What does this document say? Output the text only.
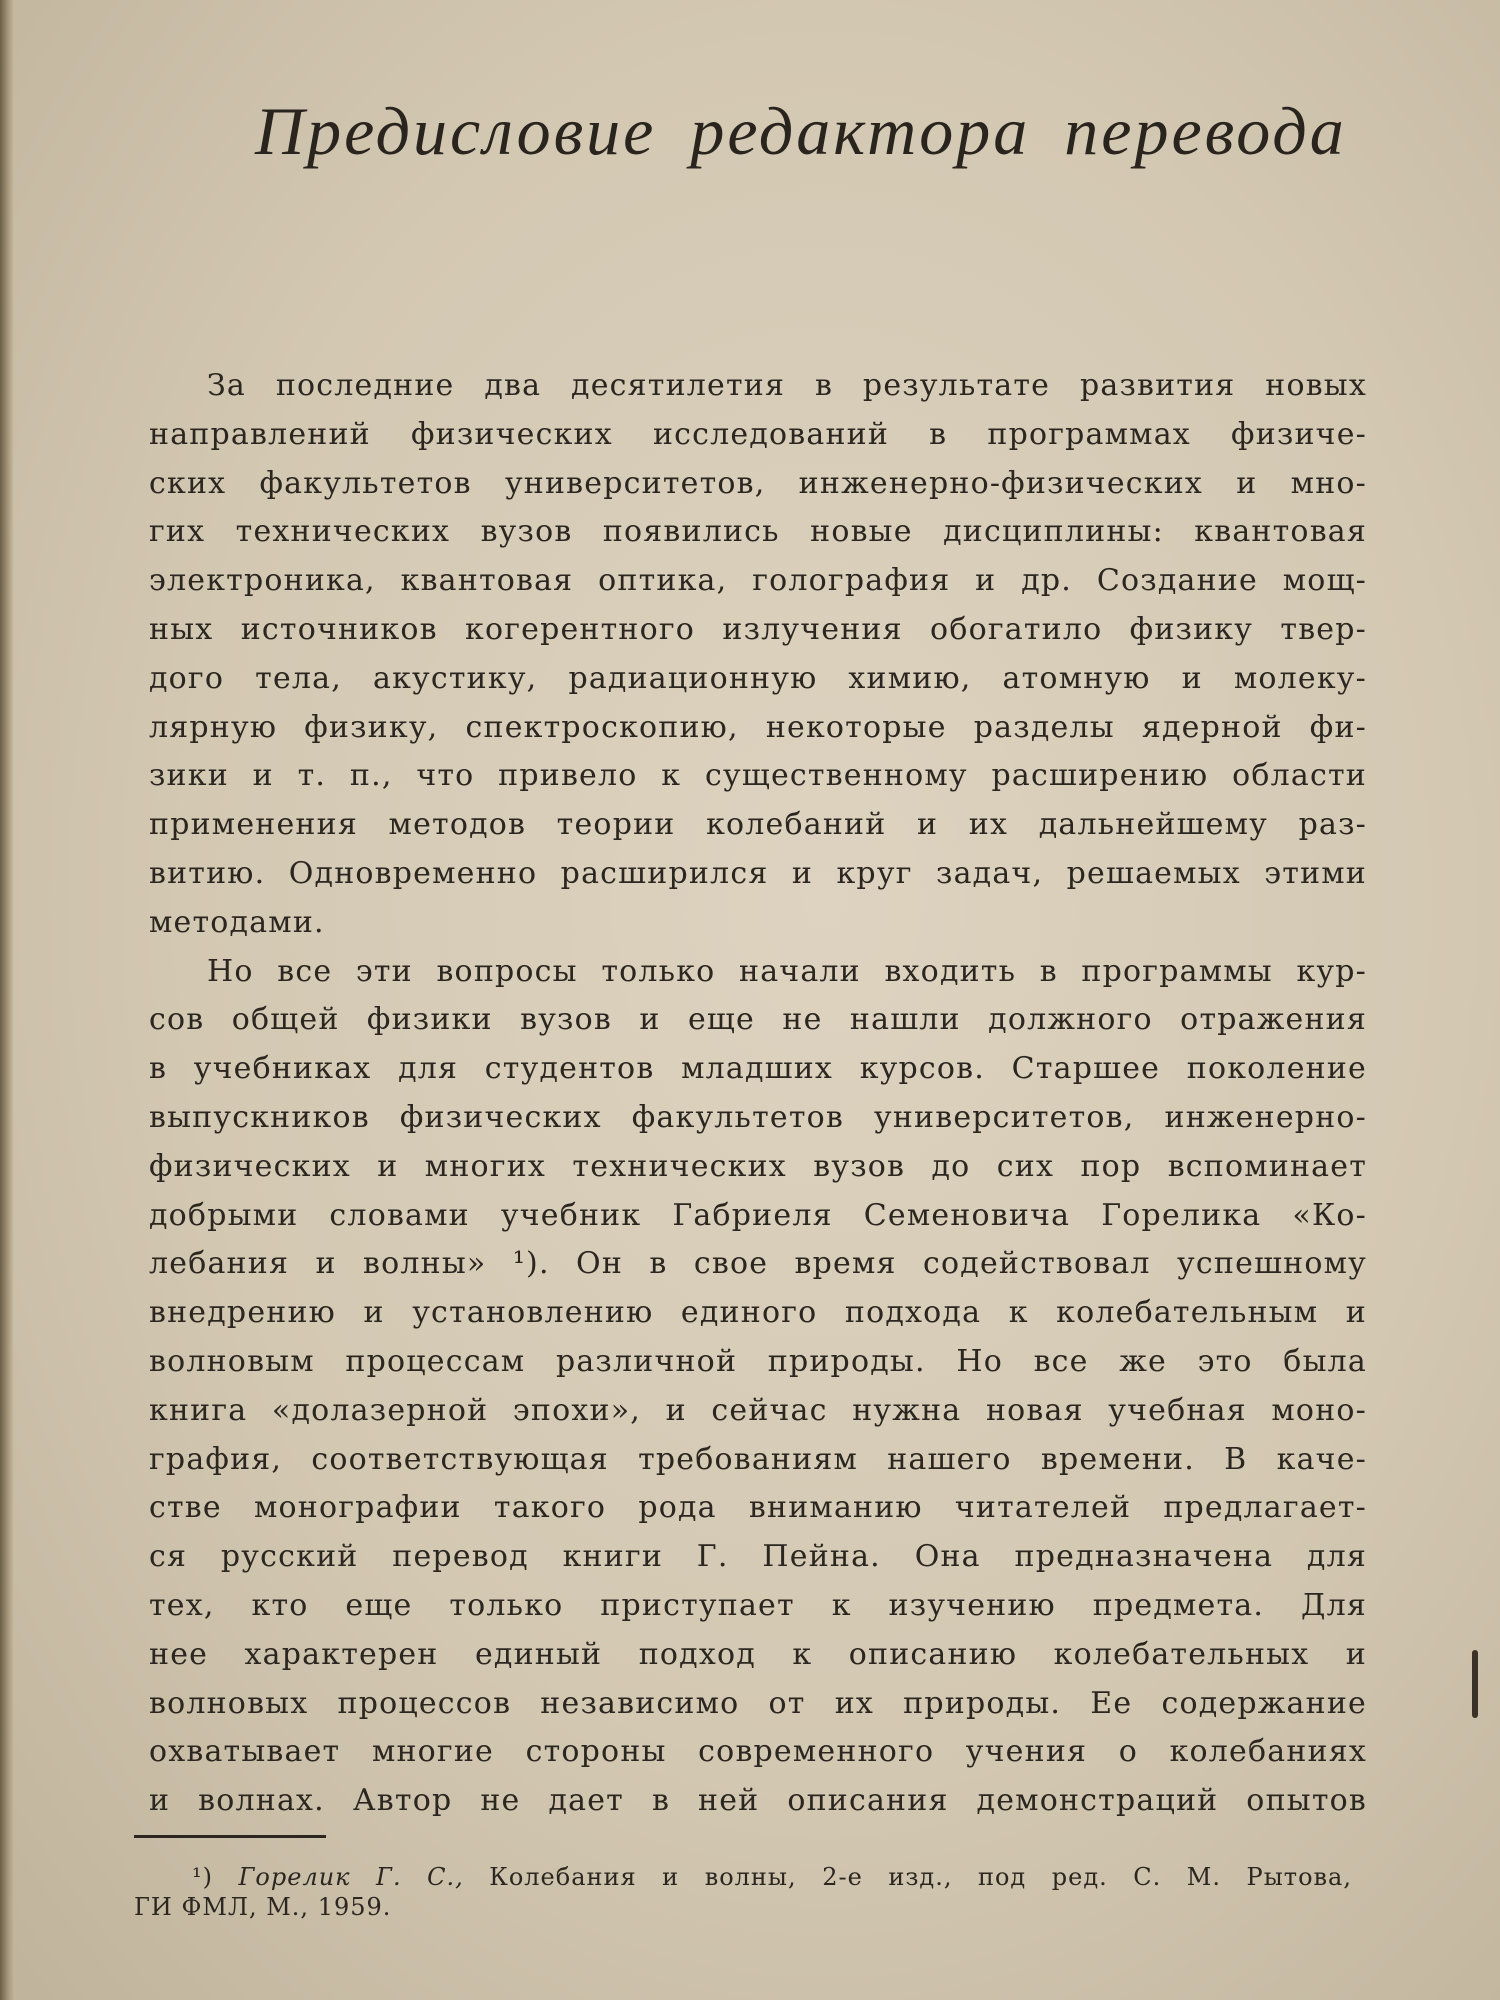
Предисловие редактора перевода
За последние два десятилетия в результате развития новых
направлений физических исследований в программах физиче-
ских факультетов университетов, инженерно-физических и мно-
гих технических вузов появились новые дисциплины: квантовая
электроника, квантовая оптика, голография и др. Создание мощ-
ных источников когерентного излучения обогатило физику твер-
дого тела, акустику, радиационную химию, атомную и молеку-
лярную физику, спектроскопию, некоторые разделы ядерной фи-
зики и т. п., что привело к существенному расширению области
применения методов теории колебаний и их дальнейшему раз-
витию. Одновременно расширился и круг задач, решаемых этими
методами.
Но все эти вопросы только начали входить в программы кур-
сов общей физики вузов и еще не нашли должного отражения
в учебниках для студентов младших курсов. Старшее поколение
выпускников физических факультетов университетов, инженерно-
физических и многих технических вузов до сих пор вспоминает
добрыми словами учебник Габриеля Семеновича Горелика «Ко-
лебания и волны» ¹). Он в свое время содействовал успешному
внедрению и установлению единого подхода к колебательным и
волновым процессам различной природы. Но все же это была
книга «долазерной эпохи», и сейчас нужна новая учебная моно-
графия, соответствующая требованиям нашего времени. В каче-
стве монографии такого рода вниманию читателей предлагает-
ся русский перевод книги Г. Пейна. Она предназначена для
тех, кто еще только приступает к изучению предмета. Для
нее характерен единый подход к описанию колебательных и
волновых процессов независимо от их природы. Ее содержание
охватывает многие стороны современного учения о колебаниях
и волнах. Автор не дает в ней описания демонстраций опытов
¹) Горелик Г. С., Колебания и волны, 2-е изд., под ред. С. М. Рытова,
ГИ ФМЛ, М., 1959.
